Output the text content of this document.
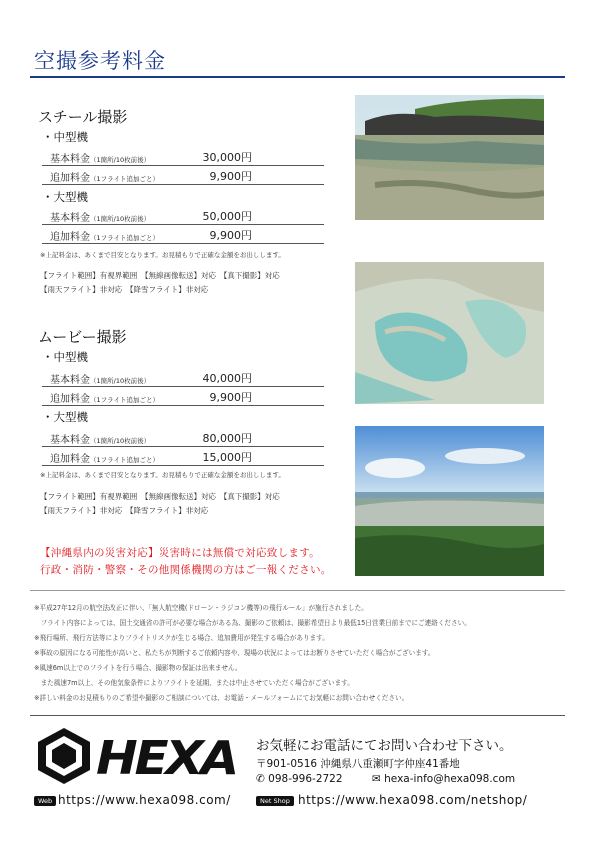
空撮参考料金
スチール撮影
・中型機
基本料金（1箇所/10枚前後）	30,000円
追加料金（1フライト追加ごと）	9,900円
・大型機
基本料金（1箇所/10枚前後）	50,000円
追加料金（1フライト追加ごと）	9,900円
※上記料金は、あくまで目安となります。お見積もりで正確な金額をお出しします。
【フライト範囲】有視界範囲　【無線画像転送】対応　【真下撮影】対応
【雨天フライト】非対応　【降雪フライト】非対応
ムービー撮影
・中型機
基本料金（1箇所/10枚前後）	40,000円
追加料金（1フライト追加ごと）	9,900円
・大型機
基本料金（1箇所/10枚前後）	80,000円
追加料金（1フライト追加ごと）	15,000円
※上記料金は、あくまで目安となります。お見積もりで正確な金額をお出しします。
【フライト範囲】有視界範囲　【無線画像転送】対応　【真下撮影】対応
【雨天フライト】非対応　【降雪フライト】非対応
【沖縄県内の災害対応】災害時には無償で対応致します。
行政・消防・警察・その他関係機関の方はご一報ください。
※平成27年12月の航空法改正に伴い、「無人航空機(ドローン・ラジコン機等)の飛行ルール」が施行されました。
　フライト内容によっては、国土交通省の許可が必要な場合がある為、撮影のご依頼は、撮影希望日より最低15日営業日前までにご連絡ください。
※飛行場所、飛行方法等によりフライトリスクが生じる場合、追加費用が発生する場合があります。
※事故の原因になる可能性が高いと、私たちが判断するご依頼内容や、現場の状況によってはお断りさせていただく場合がございます。
※風速6m以上でのフライトを行う場合、撮影物の保証は出来ません。
　また風速7m以上、その他気象条件によりフライトを延期、または中止させていただく場合がございます。
※詳しい料金のお見積もりのご希望や撮影のご相談については、お電話・メールフォームにてお気軽にお問い合わせください。
HEXA お気軽にお電話にてお問い合わせ下さい。
〒901-0516 沖縄県八重瀬町字仲座41番地
✆ 098-996-2722	✉ hexa-info@hexa098.com
Web https://www.hexa098.com/	Net Shop https://www.hexa098.com/netshop/
